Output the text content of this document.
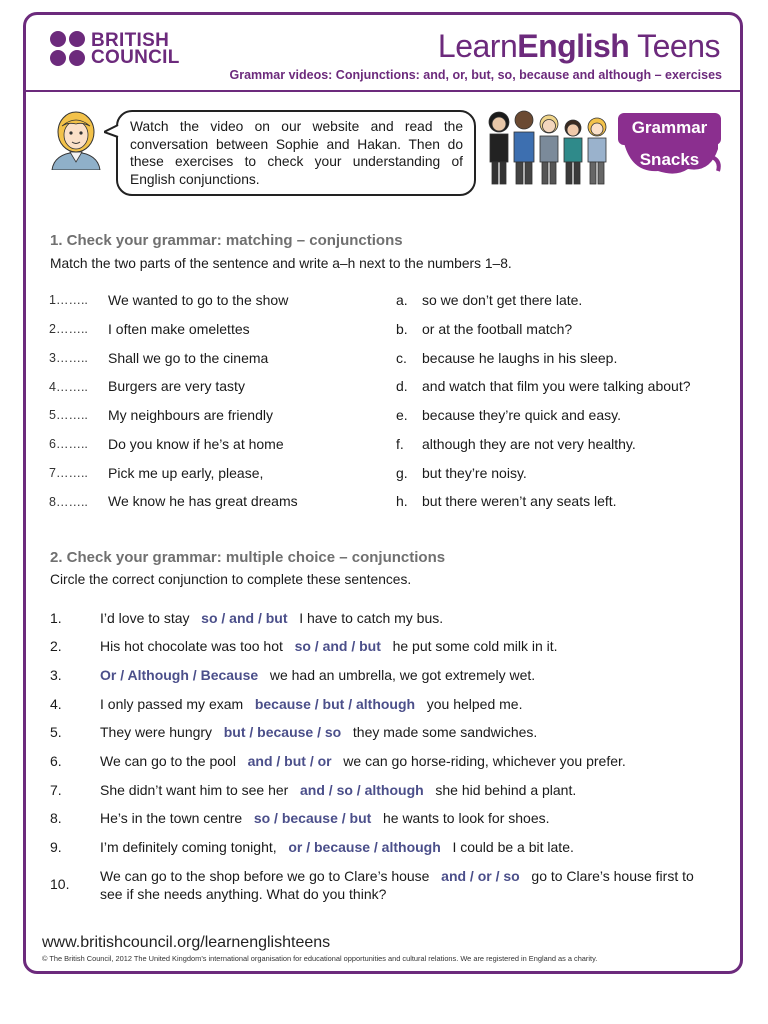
BRITISH
COUNCIL	LearnEnglish Teens
Grammar videos: Conjunctions: and, or, but, so, because and although – exercises
Watch the video on our website and read the conversation between Sophie and Hakan. Then do these exercises to check your understanding of English conjunctions.
Grammar
Snacks
1. Check your grammar: matching – conjunctions
Match the two parts of the sentence and write a–h next to the numbers 1–8.
1…….. We wanted to go to the show	a. so we don’t get there late.
2…….. I often make omelettes	b. or at the football match?
3…….. Shall we go to the cinema	c. because he laughs in his sleep.
4…….. Burgers are very tasty	d. and watch that film you were talking about?
5…….. My neighbours are friendly	e. because they’re quick and easy.
6…….. Do you know if he’s at home	f. although they are not very healthy.
7…….. Pick me up early, please,	g. but they’re noisy.
8…….. We know he has great dreams	h. but there weren’t any seats left.
2. Check your grammar: multiple choice – conjunctions
Circle the correct conjunction to complete these sentences.
1.	I’d love to stay so / and / but I have to catch my bus.
2.	His hot chocolate was too hot so / and / but he put some cold milk in it.
3.	Or / Although / Because we had an umbrella, we got extremely wet.
4.	I only passed my exam because / but / although you helped me.
5.	They were hungry but / because / so they made some sandwiches.
6.	We can go to the pool and / but / or we can go horse-riding, whichever you prefer.
7.	She didn’t want him to see her and / so / although she hid behind a plant.
8.	He’s in the town centre so / because / but he wants to look for shoes.
9.	I’m definitely coming tonight, or / because / although I could be a bit late.
10. We can go to the shop before we go to Clare’s house and / or / so go to Clare’s house first to
see if she needs anything. What do you think?
www.britishcouncil.org/learnenglishteens
© The British Council, 2012 The United Kingdom’s international organisation for educational opportunities and cultural relations. We are registered in England as a charity.
